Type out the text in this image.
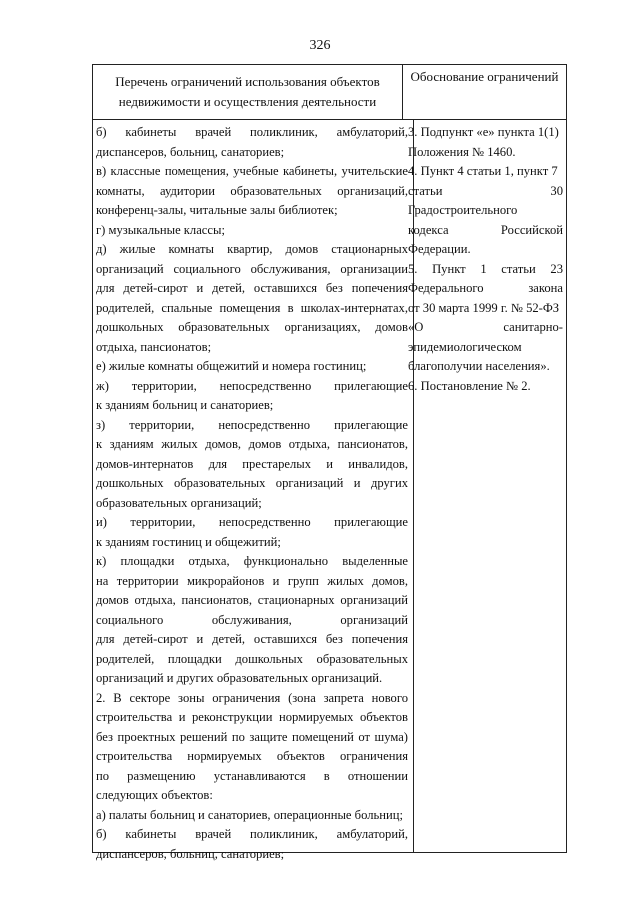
326
Перечень ограничений использования объектов
недвижимости и осуществления деятельности
Обоснование ограничений
б) кабинеты врачей поликлиник, амбулаторий,
диспансеров, больниц, санаториев;
в) классные помещения, учебные кабинеты, учительские
комнаты, аудитории образовательных организаций,
конференц-залы, читальные залы библиотек;
г) музыкальные классы;
д) жилые комнаты квартир, домов стационарных
организаций социального обслуживания, организации
для детей-сирот и детей, оставшихся без попечения
родителей, спальные помещения в школах-интернатах,
дошкольных образовательных организациях, домов
отдыха, пансионатов;
е) жилые комнаты общежитий и номера гостиниц;
ж) территории, непосредственно прилегающие
к зданиям больниц и санаториев;
з) территории, непосредственно прилегающие
к зданиям жилых домов, домов отдыха, пансионатов,
домов-интернатов для престарелых и инвалидов,
дошкольных образовательных организаций и других
образовательных организаций;
и) территории, непосредственно прилегающие
к зданиям гостиниц и общежитий;
к) площадки отдыха, функционально выделенные
на территории микрорайонов и групп жилых домов,
домов отдыха, пансионатов, стационарных организаций
социального обслуживания, организаций
для детей-сирот и детей, оставшихся без попечения
родителей, площадки дошкольных образовательных
организаций и других образовательных организаций.
2. В секторе зоны ограничения (зона запрета нового
строительства и реконструкции нормируемых объектов
без проектных решений по защите помещений от шума)
строительства нормируемых объектов ограничения
по размещению устанавливаются в отношении
следующих объектов:
а) палаты больниц и санаториев, операционные больниц;
б) кабинеты врачей поликлиник, амбулаторий,
диспансеров, больниц, санаториев;
3. Подпункт «е» пункта 1(1)
Положения № 1460.
4. Пункт 4 статьи 1, пункт 7
статьи 30
Градостроительного
кодекса Российской
Федерации.
5. Пункт 1 статьи 23
Федерального закона
от 30 марта 1999 г. № 52-ФЗ
«О санитарно-
эпидемиологическом
благополучии населения».
6. Постановление № 2.
